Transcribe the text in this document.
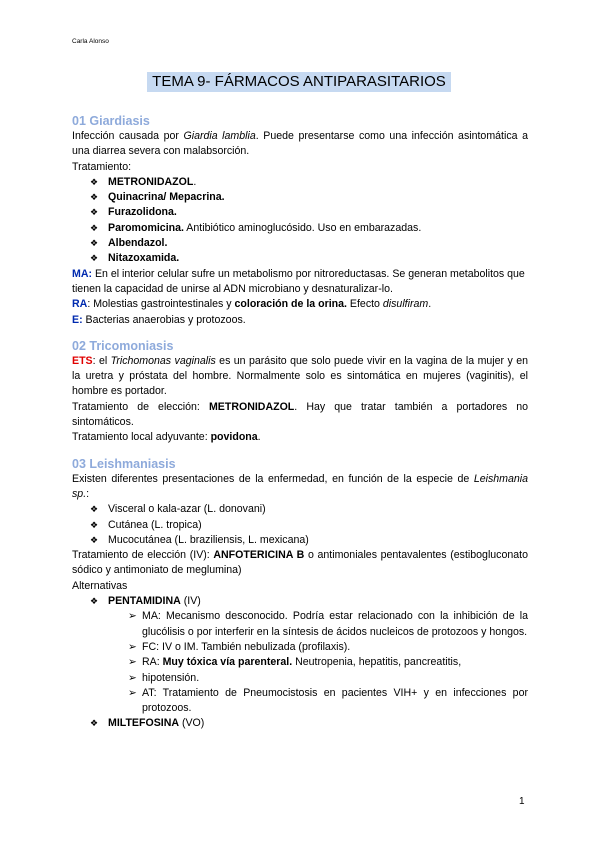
Carla Alonso
TEMA 9- FÁRMACOS ANTIPARASITARIOS
01 Giardiasis

Infección causada por Giardia lamblia. Puede presentarse como una infección asintomática a una diarrea severa con malabsorción.

Tratamiento:

❖ METRONIDAZOL.
❖ Quinacrina/ Mepacrina.
❖ Furazolidona.
❖ Paromomicina. Antibiótico aminoglucósido. Uso en embarazadas.
❖ Albendazol.
❖ Nitazoxamida.

MA: En el interior celular sufre un metabolismo por nitroreductasas. Se generan metabolitos que tienen la capacidad de unirse al ADN microbiano y desnaturalizar-lo.

RA: Molestias gastrointestinales y coloración de la orina. Efecto disulfiram.

E: Bacterias anaerobias y protozoos.

02 Tricomoniasis

ETS: el Trichomonas vaginalis es un parásito que solo puede vivir en la vagina de la mujer y en la uretra y próstata del hombre. Normalmente solo es sintomática en mujeres (vaginitis), el hombre es portador.

Tratamiento de elección: METRONIDAZOL. Hay que tratar también a portadores no sintomáticos.

Tratamiento local adyuvante: povidona.

03 Leishmaniasis

Existen diferentes presentaciones de la enfermedad, en función de la especie de Leishmania sp.:

❖ Visceral o kala-azar (L. donovani)
❖ Cutánea (L. tropica)
❖ Mucocutánea (L. braziliensis, L. mexicana)

Tratamiento de elección (IV): ANFOTERICINA B o antimoniales pentavalentes (estibogluconato sódico y antimoniato de meglumina)

Alternativas

❖ PENTAMIDINA (IV)
➢ MA: Mecanismo desconocido. Podría estar relacionado con la inhibición de la glucólisis o por interferir en la síntesis de ácidos nucleicos de protozoos y hongos.
➢ FC: IV o IM. También nebulizada (profilaxis).
➢ RA: Muy tóxica vía parenteral. Neutropenia, hepatitis, pancreatitis,
➢ hipotensión.
➢ AT: Tratamiento de Pneumocistosis en pacientes VIH+ y en infecciones por protozoos.
❖ MILTEFOSINA (VO)
1
